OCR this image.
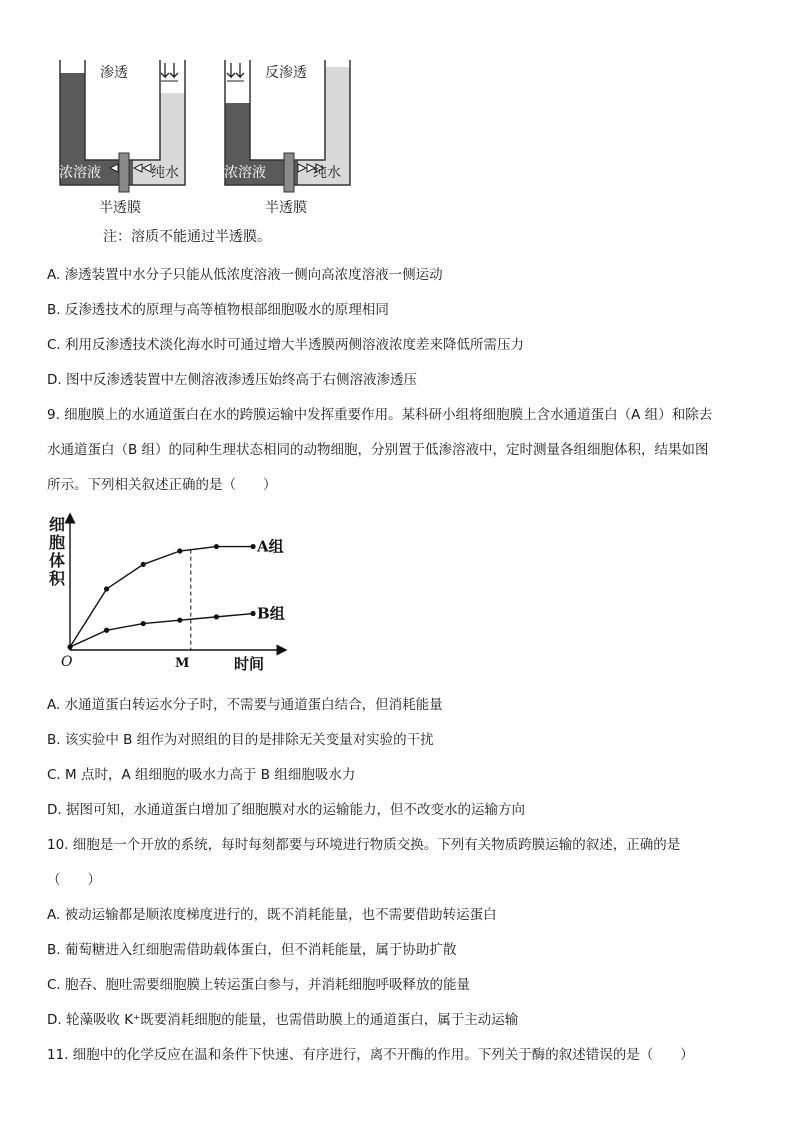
渗透
浓溶液	纯水
半透膜
反渗透
浓溶液	纯水
半透膜
注：溶质不能通过半透膜。
A. 渗透装置中水分子只能从低浓度溶液一侧向高浓度溶液一侧运动
B. 反渗透技术的原理与高等植物根部细胞吸水的原理相同
C. 利用反渗透技术淡化海水时可通过增大半透膜两侧溶液浓度差来降低所需压力
D. 图中反渗透装置中左侧溶液渗透压始终高于右侧溶液渗透压
9. 细胞膜上的水通道蛋白在水的跨膜运输中发挥重要作用。某科研小组将细胞膜上含水通道蛋白（A 组）和除去
水通道蛋白（B 组）的同种生理状态相同的动物细胞，分别置于低渗溶液中，定时测量各组细胞体积，结果如图
所示。下列相关叙述正确的是（　　）
O	时间
M
A组
B组
细胞体积
A. 水通道蛋白转运水分子时，不需要与通道蛋白结合，但消耗能量
B. 该实验中 B 组作为对照组的目的是排除无关变量对实验的干扰
C. M 点时，A 组细胞的吸水力高于 B 组细胞吸水力
D. 据图可知，水通道蛋白增加了细胞膜对水的运输能力，但不改变水的运输方向
10. 细胞是一个开放的系统，每时每刻都要与环境进行物质交换。下列有关物质跨膜运输的叙述，正确的是
（　　）
A. 被动运输都是顺浓度梯度进行的，既不消耗能量，也不需要借助转运蛋白
B. 葡萄糖进入红细胞需借助载体蛋白，但不消耗能量，属于协助扩散
C. 胞吞、胞吐需要细胞膜上转运蛋白参与，并消耗细胞呼吸释放的能量
D. 轮藻吸收 K⁺既要消耗细胞的能量，也需借助膜上的通道蛋白，属于主动运输
11. 细胞中的化学反应在温和条件下快速、有序进行，离不开酶的作用。下列关于酶的叙述错误的是（　　）
